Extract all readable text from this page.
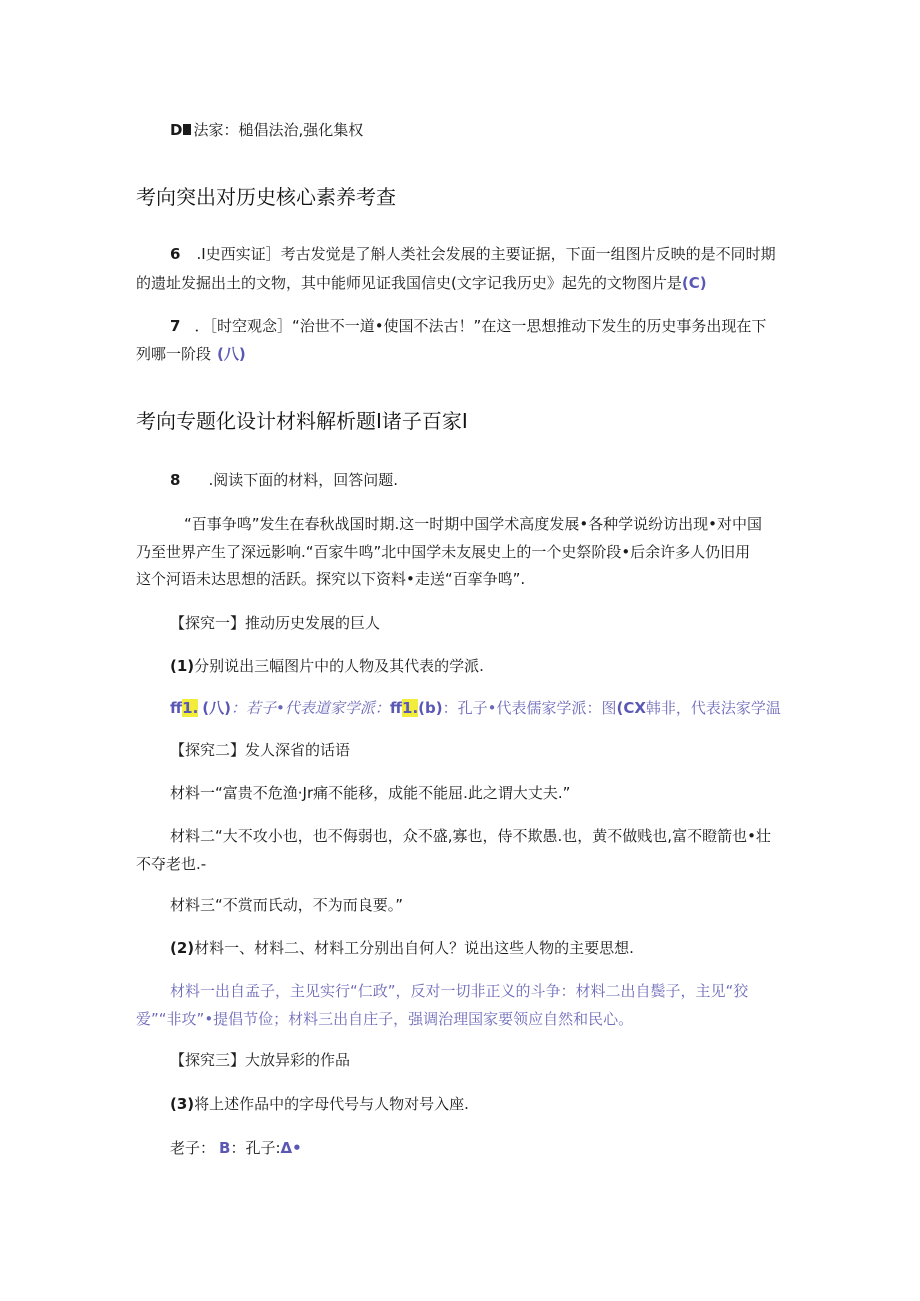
D 法家：槌倡法治,强化集权
考向突出对历史核心素养考查
6 .I史西实证］考古发觉是了斛人类社会发展的主要证据，下面一组图片反映的是不同时期
的遗址发掘出土的文物，其中能师见证我国信史(文字记我历史》起先的文物图片是(C)
7 ．［时空观念］“治世不一道•使国不法古！”在这一思想推动下发生的历史事务出现在下
列哪一阶段 (八)
考向专题化设计材料解析题I诸子百家I
8 .阅读下面的材料，回答问题.
“百事争鸣”发生在春秋战国时期.这一时期中国学术高度发展•各种学说纷访出现•对中国
乃至世界产生了深远影响.“百家牛鸣”北中国学未友展史上的一个史祭阶段•后余许多人仍旧用
这个河语未达思想的活跃。探究以下资料•走送“百挛争鸣”.
【探究一】推动历史发展的巨人
(1)分别说出三幅图片中的人物及其代表的学派.
ff1. (八)：若子•代表道家学派：ff1.(b)：孔子•代表儒家学派：图(CX韩非，代表法家学温
【探究二】发人深省的话语
材料一“富贵不危渔·Jr痛不能移，成能不能屈.此之谓大丈夫.”
材料二“大不攻小也，也不侮弱也，众不盛,寡也，侍不欺愚.也，黄不做贱也,富不瞪箭也•壮
不夺老也.-
材料三“不赏而氏动，不为而良要。”
(2)材料一、材料二、材料工分别出自何人？说出这些人物的主要思想.
材料一出自孟子，主见实行“仁政”，反对一切非正义的斗争：材料二出自鬓子，主见“狡
爱”“非攻”•提倡节俭；材料三出自庄子，强调治理国家要领应自然和民心。
【探究三】大放异彩的作品
(3)将上述作品中的字母代号与人物对号入座.
老子： B：孔子:Δ•
